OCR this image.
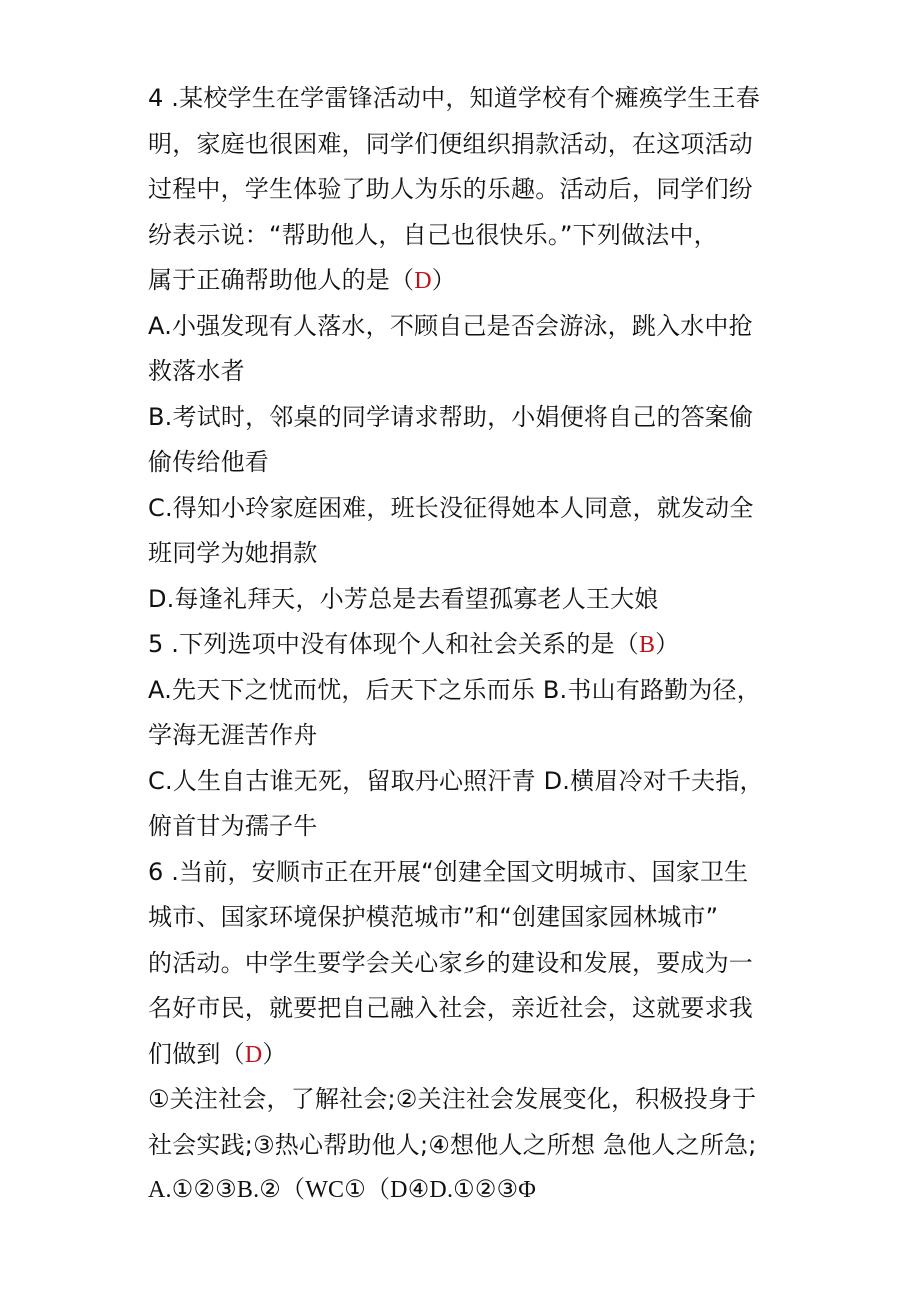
4 .某校学生在学雷锋活动中，知道学校有个瘫痪学生王春
明，家庭也很困难，同学们便组织捐款活动，在这项活动
过程中，学生体验了助人为乐的乐趣。活动后，同学们纷
纷表示说：“帮助他人，自己也很快乐。”下列做法中，
属于正确帮助他人的是（D）
A.小强发现有人落水，不顾自己是否会游泳，跳入水中抢
救落水者
B.考试时，邻桌的同学请求帮助，小娟便将自己的答案偷
偷传给他看
C.得知小玲家庭困难，班长没征得她本人同意，就发动全
班同学为她捐款
D.每逢礼拜天，小芳总是去看望孤寡老人王大娘
5 .下列选项中没有体现个人和社会关系的是（B）
A.先天下之忧而忧，后天下之乐而乐 B.书山有路勤为径，
学海无涯苦作舟
C.人生自古谁无死，留取丹心照汗青 D.横眉冷对千夫指，
俯首甘为孺子牛
6 .当前，安顺市正在开展“创建全国文明城市、国家卫生
城市、国家环境保护模范城市”和“创建国家园林城市”
的活动。中学生要学会关心家乡的建设和发展，要成为一
名好市民，就要把自己融入社会，亲近社会，这就要求我
们做到（D）
①关注社会，了解社会;②关注社会发展变化，积极投身于
社会实践;③热心帮助他人;④想他人之所想 急他人之所急;
A.①②③B.②（WC①（D④D.①②③Φ
